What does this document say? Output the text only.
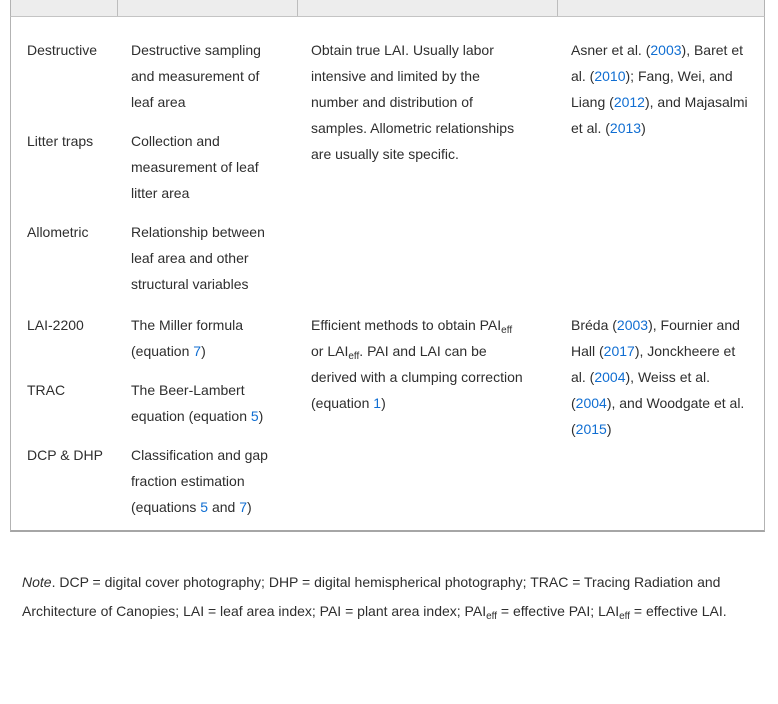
Destructive	Destructive sampling and measurement of leaf area
Litter traps	Collection and measurement of leaf litter area
Allometric	Relationship between leaf area and other structural variables
Obtain true LAI. Usually labor intensive and limited by the number and distribution of samples. Allometric relationships are usually site specific.
Asner et al. (2003), Baret et al. (2010); Fang, Wei, and Liang (2012), and Majasalmi et al. (2013)
LAI-2200	The Miller formula (equation 7)
TRAC	The Beer-Lambert equation (equation 5)
DCP & DHP	Classification and gap fraction estimation (equations 5 and 7)
Efficient methods to obtain $PAI_{eff}$ or $LAI_{eff}$. PAI and LAI can be derived with a clumping correction (equation 1)
Bréda (2003), Fournier and Hall (2017), Jonckheere et al. (2004), Weiss et al. (2004), and Woodgate et al. (2015)
Note. DCP = digital cover photography; DHP = digital hemispherical photography; TRAC = Tracing Radiation and Architecture of Canopies; LAI = leaf area index; PAI = plant area index; $PAI_{eff}$ = effective PAI; $LAI_{eff}$ = effective LAI.
